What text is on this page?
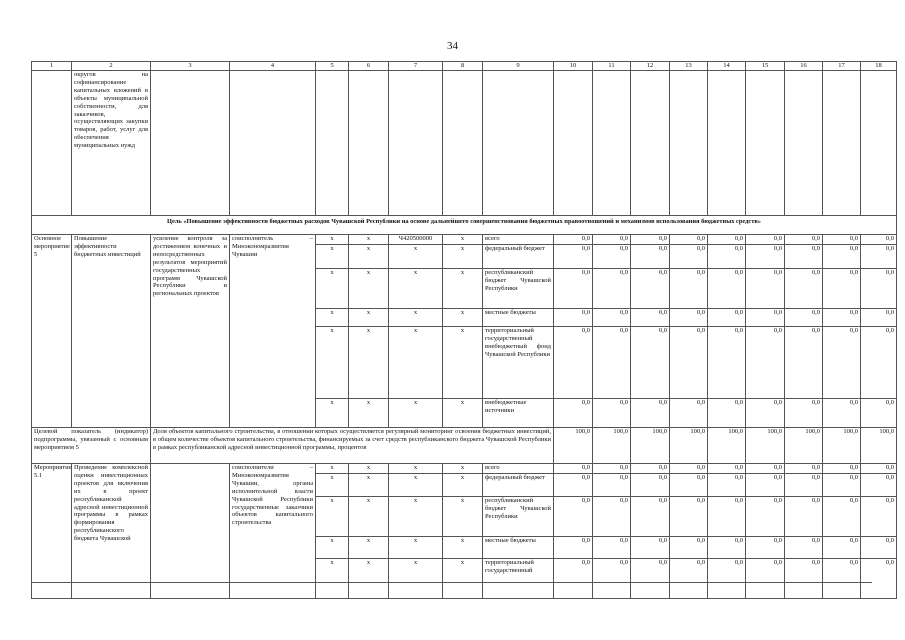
34
1	2	3	4	5	6	7	8	9	10	11	12	13	14	15	16	17	18
	округов на софинансирование капитальных вложений в объекты муниципальной собственности, для заказчиков, осуществляющих закупки товаров, работ, услуг для обеспечения муниципальных нужд																
Цель «Повышение эффективности бюджетных расходов Чувашской Республики на основе дальнейшего совершенствования бюджетных правоотношений и механизмов использования бюджетных средств»																	
Основное мероприятие 5	Повышение эффективности бюджетных инвестиций	усиление контроля за достижением конечных и непосредственных результатов мероприятий государственных программ Чувашской Республики и региональных проектов	соисполнитель – Минэкономразвития Чувашии	x	x	Ч420500000	x	всего	0,0	0,0	0,0	0,0	0,0	0,0	0,0	0,0	0,0
				x	x	x	x	федеральный бюджет	0,0	0,0	0,0	0,0	0,0	0,0	0,0	0,0	0,0
				x	x	x	x	республиканский бюджет Чувашской Республики	0,0	0,0	0,0	0,0	0,0	0,0	0,0	0,0	0,0
				x	x	x	x	местные бюджеты	0,0	0,0	0,0	0,0	0,0	0,0	0,0	0,0	0,0
				x	x	x	x	территориальный государственный внебюджетный фонд Чувашской Республики	0,0	0,0	0,0	0,0	0,0	0,0	0,0	0,0	0,0
				x	x	x	x	внебюджетные источники	0,0	0,0	0,0	0,0	0,0	0,0	0,0	0,0	0,0
Целевой показатель (индикатор) подпрограммы, увязанный с основным мероприятием 5		Доля объектов капитального строительства, в отношении которых осуществляется регулярный мониторинг освоения бюджетных инвестиций, в общем количестве объектов капитального строительства, финансируемых за счет средств республиканского бюджета Чувашской Республики в рамках республиканской адресной инвестиционной программы, процентов							100,0	100,0	100,0	100,0	100,0	100,0	100,0	100,0	100,0
Мероприятие 5.1	Проведение комплексной оценки инвестиционных проектов для включения их в проект республиканской адресной инвестиционной программы в рамках формирования республиканского бюджета Чувашской		соисполнители – Минэкономразвития Чувашии, органы исполнительной власти Чувашской Республики государственные заказчики объектов капитального строительства	x	x	x	x	всего	0,0	0,0	0,0	0,0	0,0	0,0	0,0	0,0	0,0
				x	x	x	x	федеральный бюджет	0,0	0,0	0,0	0,0	0,0	0,0	0,0	0,0	0,0
				x	x	x	x	республиканский бюджет Чувашской Республики	0,0	0,0	0,0	0,0	0,0	0,0	0,0	0,0	0,0
				x	x	x	x	местные бюджеты	0,0	0,0	0,0	0,0	0,0	0,0	0,0	0,0	0,0
				x	x	x	x	территориальный государственный	0,0	0,0	0,0	0,0	0,0	0,0	0,0	0,0	0,0
